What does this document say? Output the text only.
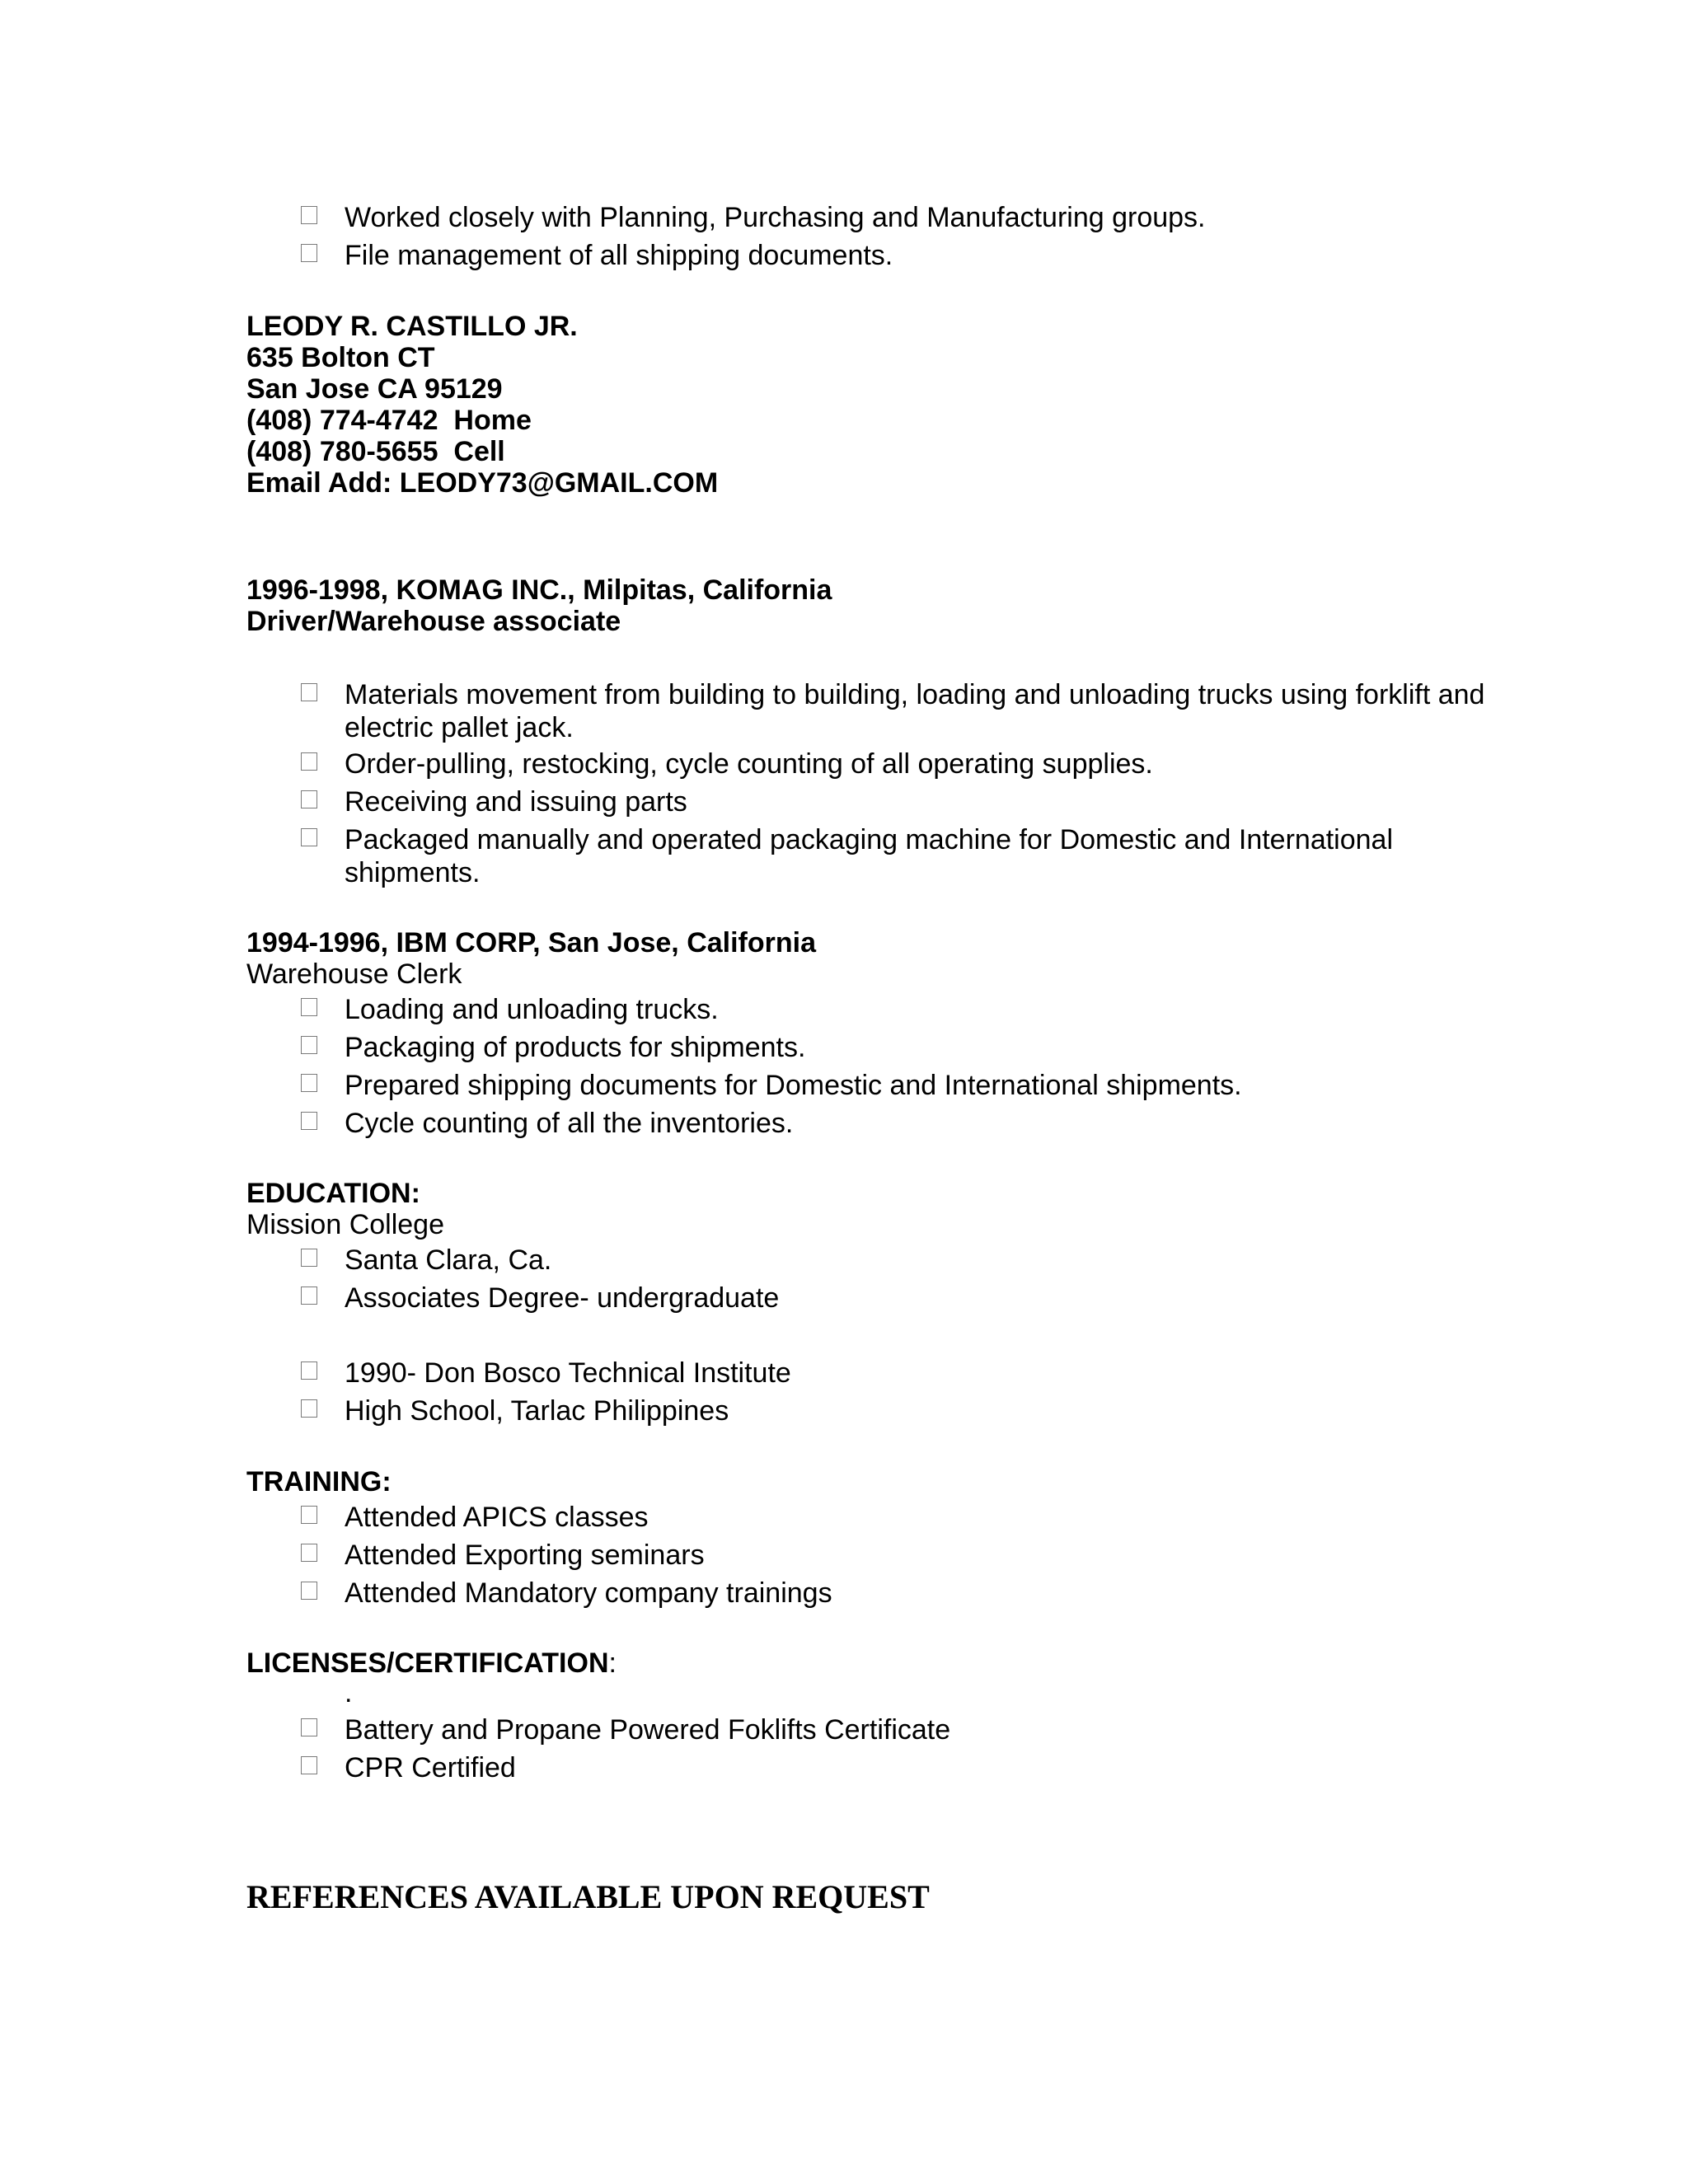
Worked closely with Planning, Purchasing and Manufacturing groups.
File management of all shipping documents.
LEODY R. CASTILLO JR.
635 Bolton CT
San Jose CA 95129
(408) 774-4742  Home
(408) 780-5655  Cell
Email Add: LEODY73@GMAIL.COM
1996-1998, KOMAG INC., Milpitas, California
Driver/Warehouse associate
Materials movement from building to building, loading and unloading trucks using forklift and electric pallet jack.
Order-pulling, restocking, cycle counting of all operating supplies.
Receiving and issuing parts
Packaged manually and operated packaging machine for Domestic and International shipments.
1994-1996, IBM CORP, San Jose, California
Warehouse Clerk
Loading and unloading trucks.
Packaging of products for shipments.
Prepared shipping documents for Domestic and International shipments.
Cycle counting of all the inventories.
EDUCATION:
Mission College
Santa Clara, Ca.
Associates Degree- undergraduate
1990- Don Bosco Technical Institute
High School, Tarlac Philippines
TRAINING:
Attended APICS classes
Attended Exporting seminars
Attended Mandatory company trainings
LICENSES/CERTIFICATION:
.
Battery and Propane Powered Foklifts Certificate
CPR Certified
REFERENCES AVAILABLE UPON REQUEST
